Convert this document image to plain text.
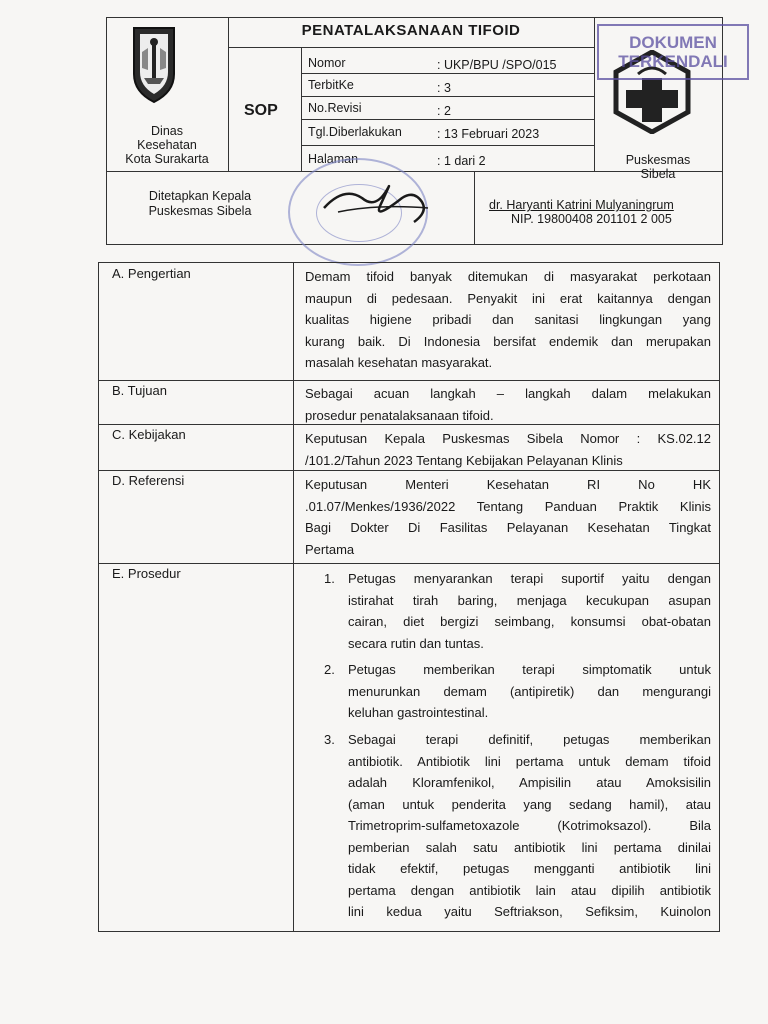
Dinas
Kesehatan
Kota Surakarta
PENATALAKSANAAN TIFOID
SOP
Nomor	: UKP/BPU /SPO/015
TerbitKe	: 3
No.Revisi	: 2
Tgl.Diberlakukan	: 13 Februari 2023
Halaman	: 1 dari 2
DOKUMEN
TERKENDALI
Puskesmas
Sibela
Ditetapkan Kepala
Puskesmas Sibela	dr. Haryanti Katrini Mulyaningrum
NIP. 19800408 201101 2 005
A. Pengertian	Demam tifoid banyak ditemukan di masyarakat perkotaan
maupun di pedesaan. Penyakit ini erat kaitannya dengan
kualitas higiene pribadi dan sanitasi lingkungan yang
kurang baik. Di Indonesia bersifat endemik dan merupakan
masalah kesehatan masyarakat.
B. Tujuan	Sebagai acuan langkah – langkah dalam melakukan
prosedur penatalaksanaan tifoid.
C. Kebijakan	Keputusan Kepala Puskesmas Sibela Nomor : KS.02.12
/101.2/Tahun 2023 Tentang Kebijakan Pelayanan Klinis
D. Referensi	Keputusan Menteri Kesehatan RI No HK
.01.07/Menkes/1936/2022 Tentang Panduan Praktik Klinis
Bagi Dokter Di Fasilitas Pelayanan Kesehatan Tingkat
Pertama
E. Prosedur	1. Petugas menyarankan terapi suportif yaitu dengan
istirahat tirah baring, menjaga kecukupan asupan
cairan, diet bergizi seimbang, konsumsi obat-obatan
secara rutin dan tuntas.
2. Petugas memberikan terapi simptomatik untuk
menurunkan demam (antipiretik) dan mengurangi
keluhan gastrointestinal.
3. Sebagai terapi definitif, petugas memberikan
antibiotik. Antibiotik lini pertama untuk demam tifoid
adalah Kloramfenikol, Ampisilin atau Amoksisilin
(aman untuk penderita yang sedang hamil), atau
Trimetroprim-sulfametoxazole (Kotrimoksazol). Bila
pemberian salah satu antibiotik lini pertama dinilai
tidak efektif, petugas mengganti antibiotik lini
pertama dengan antibiotik lain atau dipilih antibiotik
lini kedua yaitu Seftriakson, Sefiksim, Kuinolon
